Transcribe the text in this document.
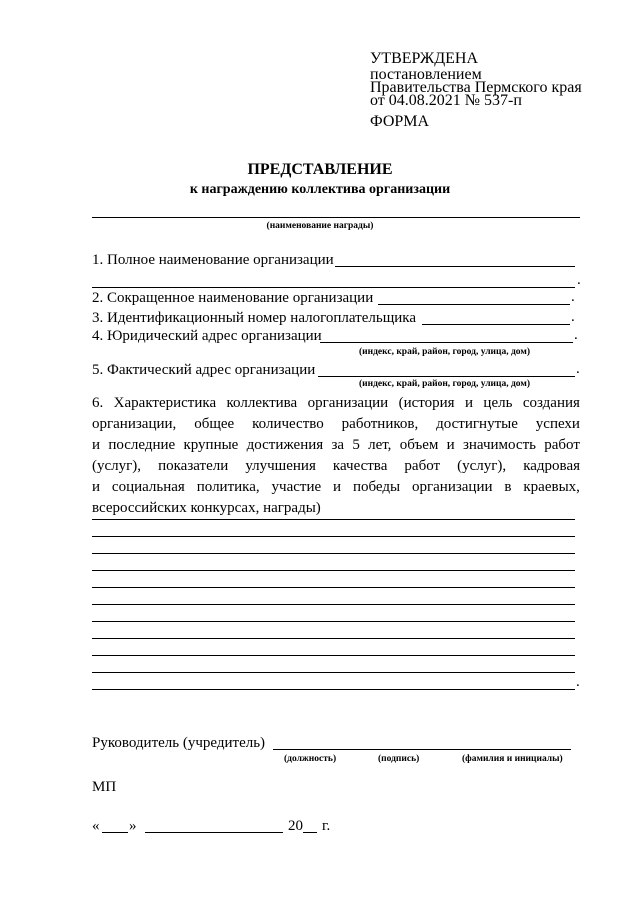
УТВЕРЖДЕНА
постановлением
Правительства Пермского края
от 04.08.2021 № 537-п
ФОРМА
ПРЕДСТАВЛЕНИЕ
к награждению коллектива организации
(наименование награды)
1. Полное наименование организации
.
2. Сокращенное наименование организации	.
3. Идентификационный номер налогоплательщика	.
4. Юридический адрес организации	.
(индекс, край, район, город, улица, дом)
5. Фактический адрес организации	.
(индекс, край, район, город, улица, дом)
6. Характеристика коллектива организации (история и цель создания
организации, общее количество работников, достигнутые успехи
и последние крупные достижения за 5 лет, объем и значимость работ
(услуг), показатели улучшения качества работ (услуг), кадровая
и социальная политика, участие и победы организации в краевых,
всероссийских конкурсах, награды)
.
Руководитель (учредитель)
(должность)	(подпись)	(фамилия и инициалы)
МП
« »	20 г.
